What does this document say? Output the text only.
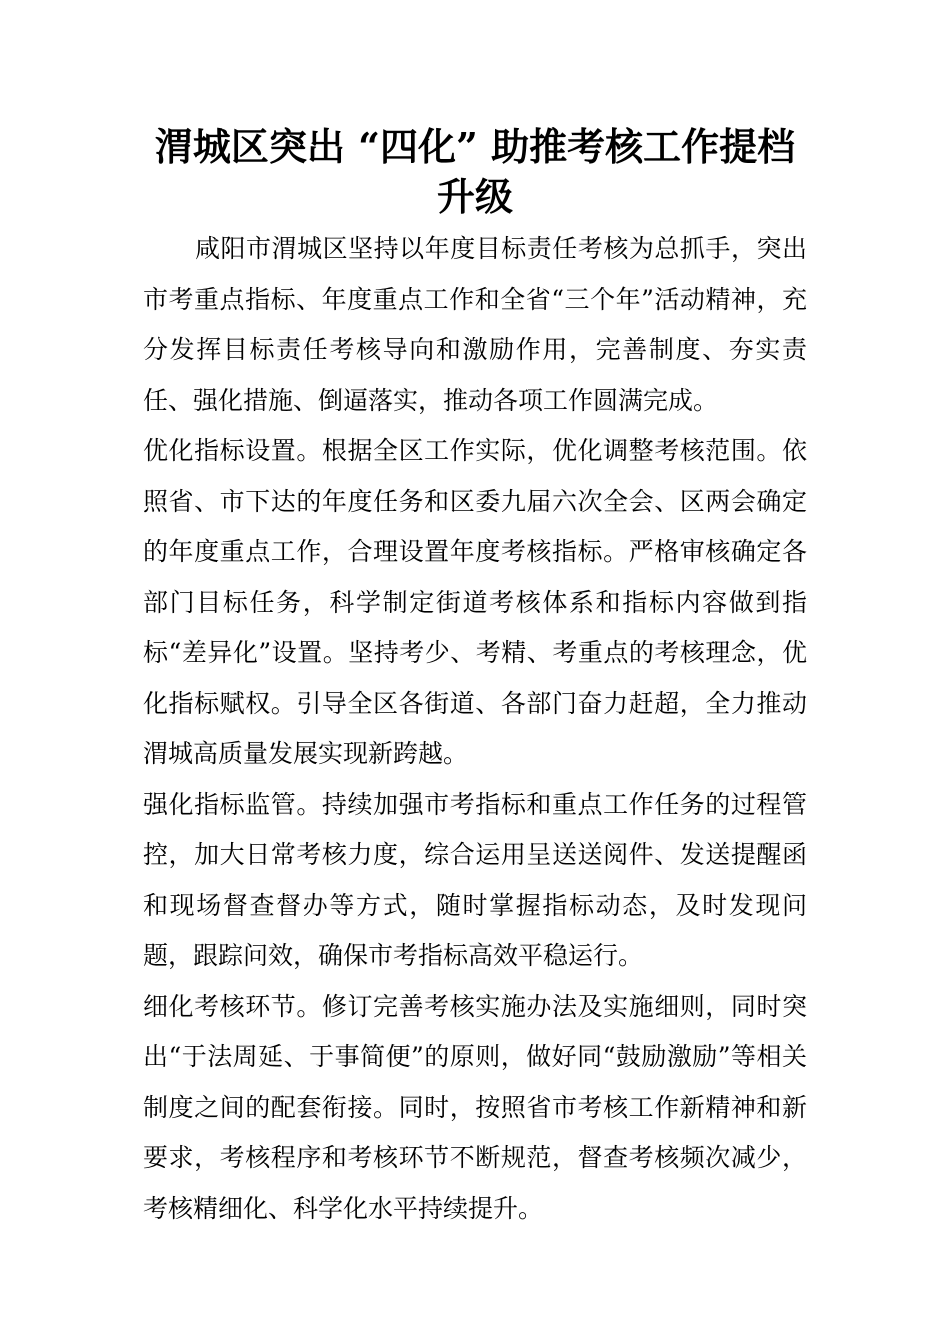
渭城区突出 “四化” 助推考核工作提档升级

咸阳市渭城区坚持以年度目标责任考核为总抓手，突出市考重点指标、年度重点工作和全省“三个年”活动精神，充分发挥目标责任考核导向和激励作用，完善制度、夯实责任、强化措施、倒逼落实，推动各项工作圆满完成。

优化指标设置。根据全区工作实际，优化调整考核范围。依照省、市下达的年度任务和区委九届六次全会、区两会确定的年度重点工作，合理设置年度考核指标。严格审核确定各部门目标任务，科学制定街道考核体系和指标内容做到指标“差异化”设置。坚持考少、考精、考重点的考核理念，优化指标赋权。引导全区各街道、各部门奋力赶超，全力推动渭城高质量发展实现新跨越。

强化指标监管。持续加强市考指标和重点工作任务的过程管控，加大日常考核力度，综合运用呈送送阅件、发送提醒函和现场督查督办等方式，随时掌握指标动态，及时发现问题，跟踪问效，确保市考指标高效平稳运行。

细化考核环节。修订完善考核实施办法及实施细则，同时突出“于法周延、于事简便”的原则，做好同“鼓励激励”等相关制度之间的配套衔接。同时，按照省市考核工作新精神和新要求，考核程序和考核环节不断规范，督查考核频次减少，考核精细化、科学化水平持续提升。
